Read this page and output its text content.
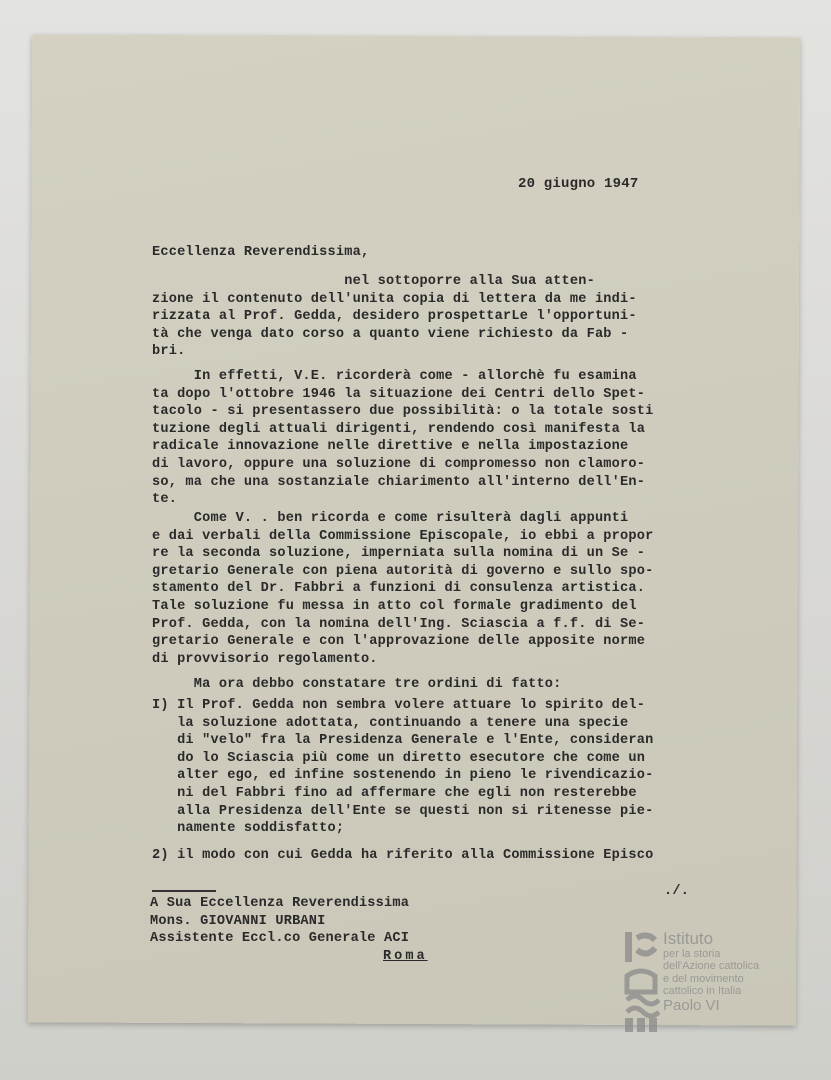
20 giugno 1947
Eccellenza Reverendissima,
nel sottoporre alla Sua atten-
zione il contenuto dell'unita copia di lettera da me indi-
rizzata al Prof. Gedda, desidero prospettarLe l'opportuni-
tà che venga dato corso a quanto viene richiesto da Fab -
bri.
In effetti, V.E. ricorderà come - allorchè fu esamina
ta dopo l'ottobre 1946 la situazione dei Centri dello Spet-
tacolo - si presentassero due possibilità: o la totale sosti
tuzione degli attuali dirigenti, rendendo così manifesta la
radicale innovazione nelle direttive e nella impostazione
di lavoro, oppure una soluzione di compromesso non clamoro-
so, ma che una sostanziale chiarimento all'interno dell'En-
te.
Come V. . ben ricorda e come risulterà dagli appunti
e dai verbali della Commissione Episcopale, io ebbi a propor
re la seconda soluzione, imperniata sulla nomina di un Se -
gretario Generale con piena autorità di governo e sullo spo-
stamento del Dr. Fabbri a funzioni di consulenza artistica.
Tale soluzione fu messa in atto col formale gradimento del
Prof. Gedda, con la nomina dell'Ing. Sciascia a f.f. di Se-
gretario Generale e con l'approvazione delle apposite norme
di provvisorio regolamento.
Ma ora debbo constatare tre ordini di fatto:
I) Il Prof. Gedda non sembra volere attuare lo spirito del-
la soluzione adottata, continuando a tenere una specie
di "velo" fra la Presidenza Generale e l'Ente, consideran
do lo Sciascia più come un diretto esecutore che come un
alter ego, ed infine sostenendo in pieno le rivendicazio-
ni del Fabbri fino ad affermare che egli non resterebbe
alla Presidenza dell'Ente se questi non si ritenesse pie-
namente soddisfatto;
2) il modo con cui Gedda ha riferito alla Commissione Episco
./.
A Sua Eccellenza Reverendissima
Mons. GIOVANNI URBANI
Assistente Eccl.co Generale ACI
Roma
Istituto
per la storia
dell'Azione cattolica
e del movimento
cattolico in Italia
Paolo VI
